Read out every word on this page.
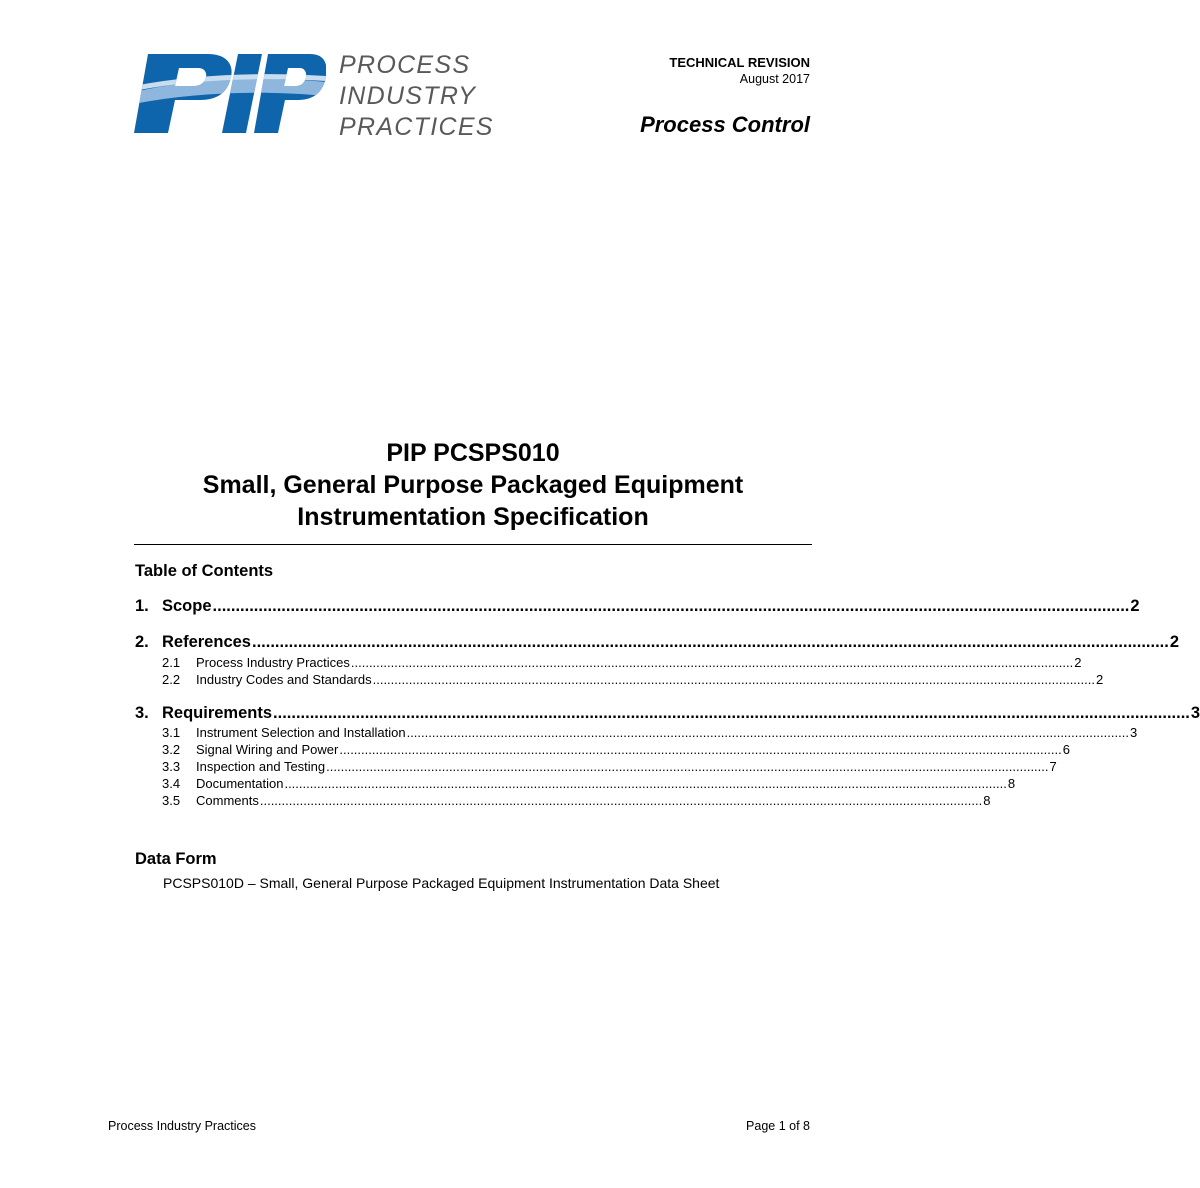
PROCESS
INDUSTRY
PRACTICES
TECHNICAL REVISION
August 2017
Process Control
PIP PCSPS010
Small, General Purpose Packaged Equipment
Instrumentation Specification
Table of Contents
1. Scope ........................................................................................................................................................................................................ 2
2. References ........................................................................................................................................................................................................ 2
2.1	Process Industry Practices ........................................................................................................................................................................................................ 2
2.2	Industry Codes and Standards ........................................................................................................................................................................................................ 2
3. Requirements ........................................................................................................................................................................................................ 3
3.1	Instrument Selection and Installation ........................................................................................................................................................................................................ 3
3.2	Signal Wiring and Power ........................................................................................................................................................................................................ 6
3.3	Inspection and Testing ........................................................................................................................................................................................................ 7
3.4	Documentation ........................................................................................................................................................................................................ 8
3.5	Comments ........................................................................................................................................................................................................ 8
Data Form
PCSPS010D – Small, General Purpose Packaged Equipment Instrumentation Data Sheet
Process Industry Practices	Page 1 of 8
